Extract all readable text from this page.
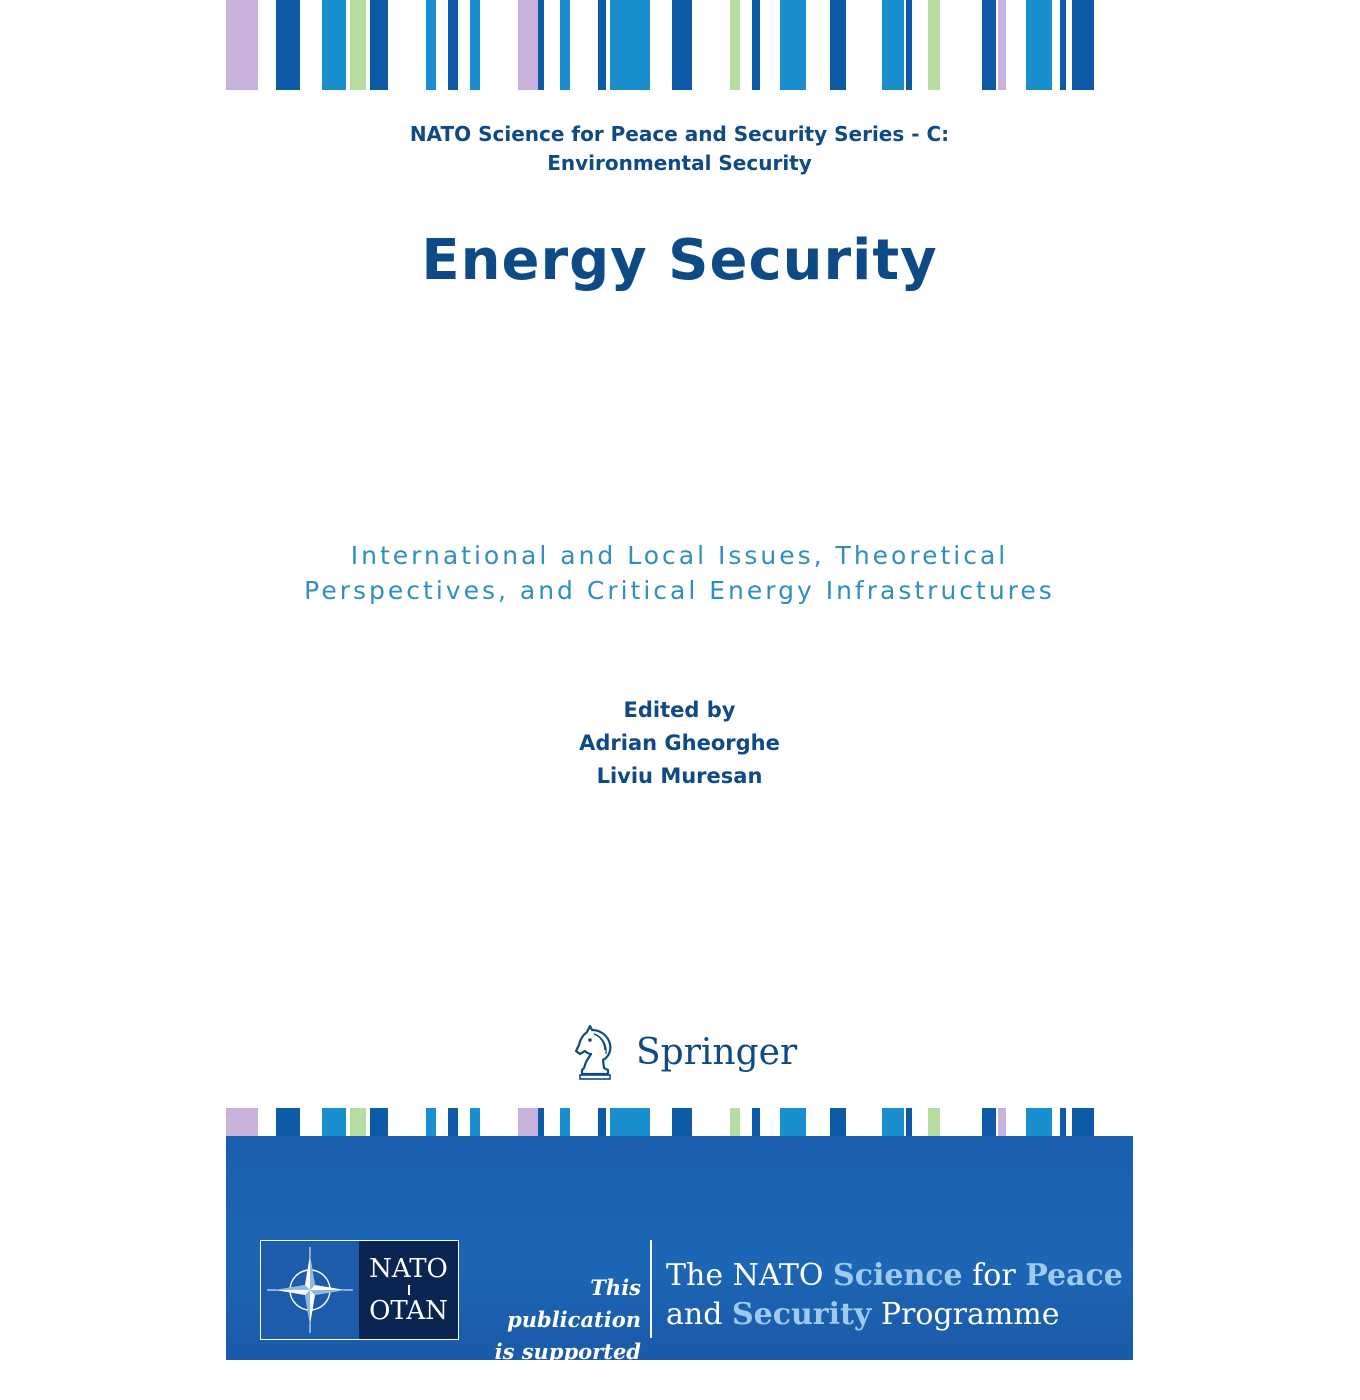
NATO Science for Peace and Security Series - C:
Environmental Security
Energy Security
International and Local Issues, Theoretical
Perspectives, and Critical Energy Infrastructures
Edited by
Adrian Gheorghe
Liviu Muresan
Springer
NATO
OTAN
This publication
is supported by:
The NATO Science for Peace
and Security Programme
